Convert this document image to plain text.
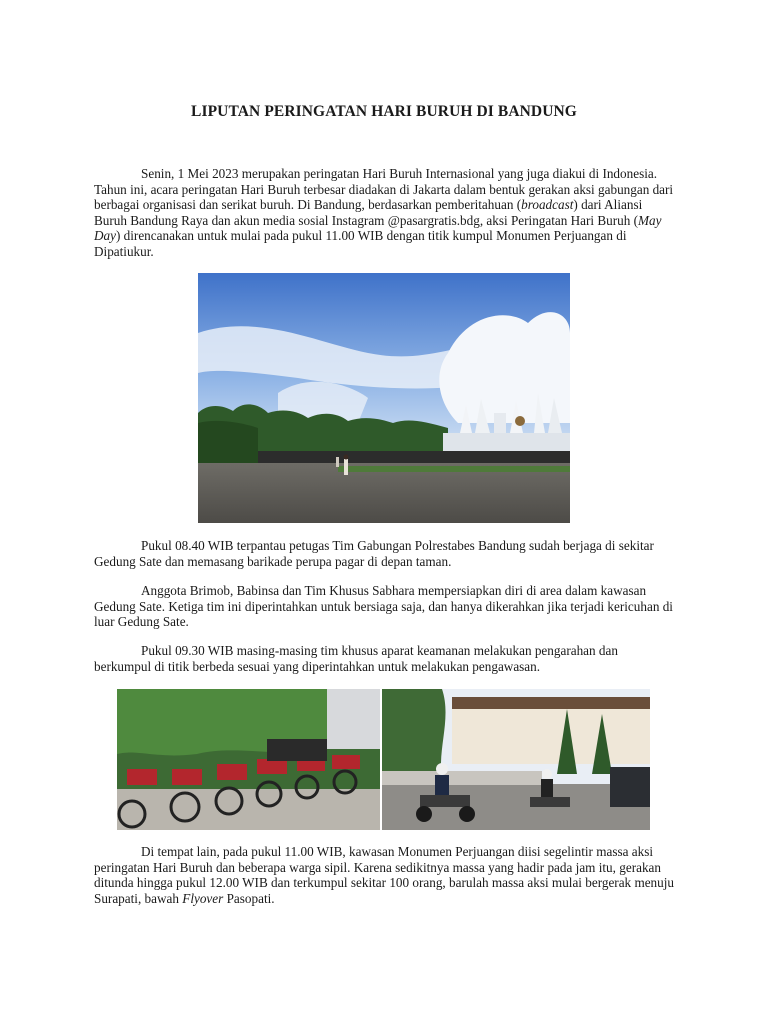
LIPUTAN PERINGATAN HARI BURUH DI BANDUNG

Senin, 1 Mei 2023 merupakan peringatan Hari Buruh Internasional yang juga diakui di Indonesia. Tahun ini, acara peringatan Hari Buruh terbesar diadakan di Jakarta dalam bentuk gerakan aksi gabungan dari berbagai organisasi dan serikat buruh. Di Bandung, berdasarkan pemberitahuan (broadcast) dari Aliansi Buruh Bandung Raya dan akun media sosial Instagram @pasargratis.bdg, aksi Peringatan Hari Buruh (May Day) direncanakan untuk mulai pada pukul 11.00 WIB dengan titik kumpul Monumen Perjuangan di Dipatiukur.

Pukul 08.40 WIB terpantau petugas Tim Gabungan Polrestabes Bandung sudah berjaga di sekitar Gedung Sate dan memasang barikade perupa pagar di depan taman.

Anggota Brimob, Babinsa dan Tim Khusus Sabhara mempersiapkan diri di area dalam kawasan Gedung Sate. Ketiga tim ini diperintahkan untuk bersiaga saja, dan hanya dikerahkan jika terjadi kericuhan di luar Gedung Sate.

Pukul 09.30 WIB masing-masing tim khusus aparat keamanan melakukan pengarahan dan berkumpul di titik berbeda sesuai yang diperintahkan untuk melakukan pengawasan.

Di tempat lain, pada pukul 11.00 WIB, kawasan Monumen Perjuangan diisi segelintir massa aksi peringatan Hari Buruh dan beberapa warga sipil. Karena sedikitnya massa yang hadir pada jam itu, gerakan ditunda hingga pukul 12.00 WIB dan terkumpul sekitar 100 orang, barulah massa aksi mulai bergerak menuju Surapati, bawah Flyover Pasopati.
